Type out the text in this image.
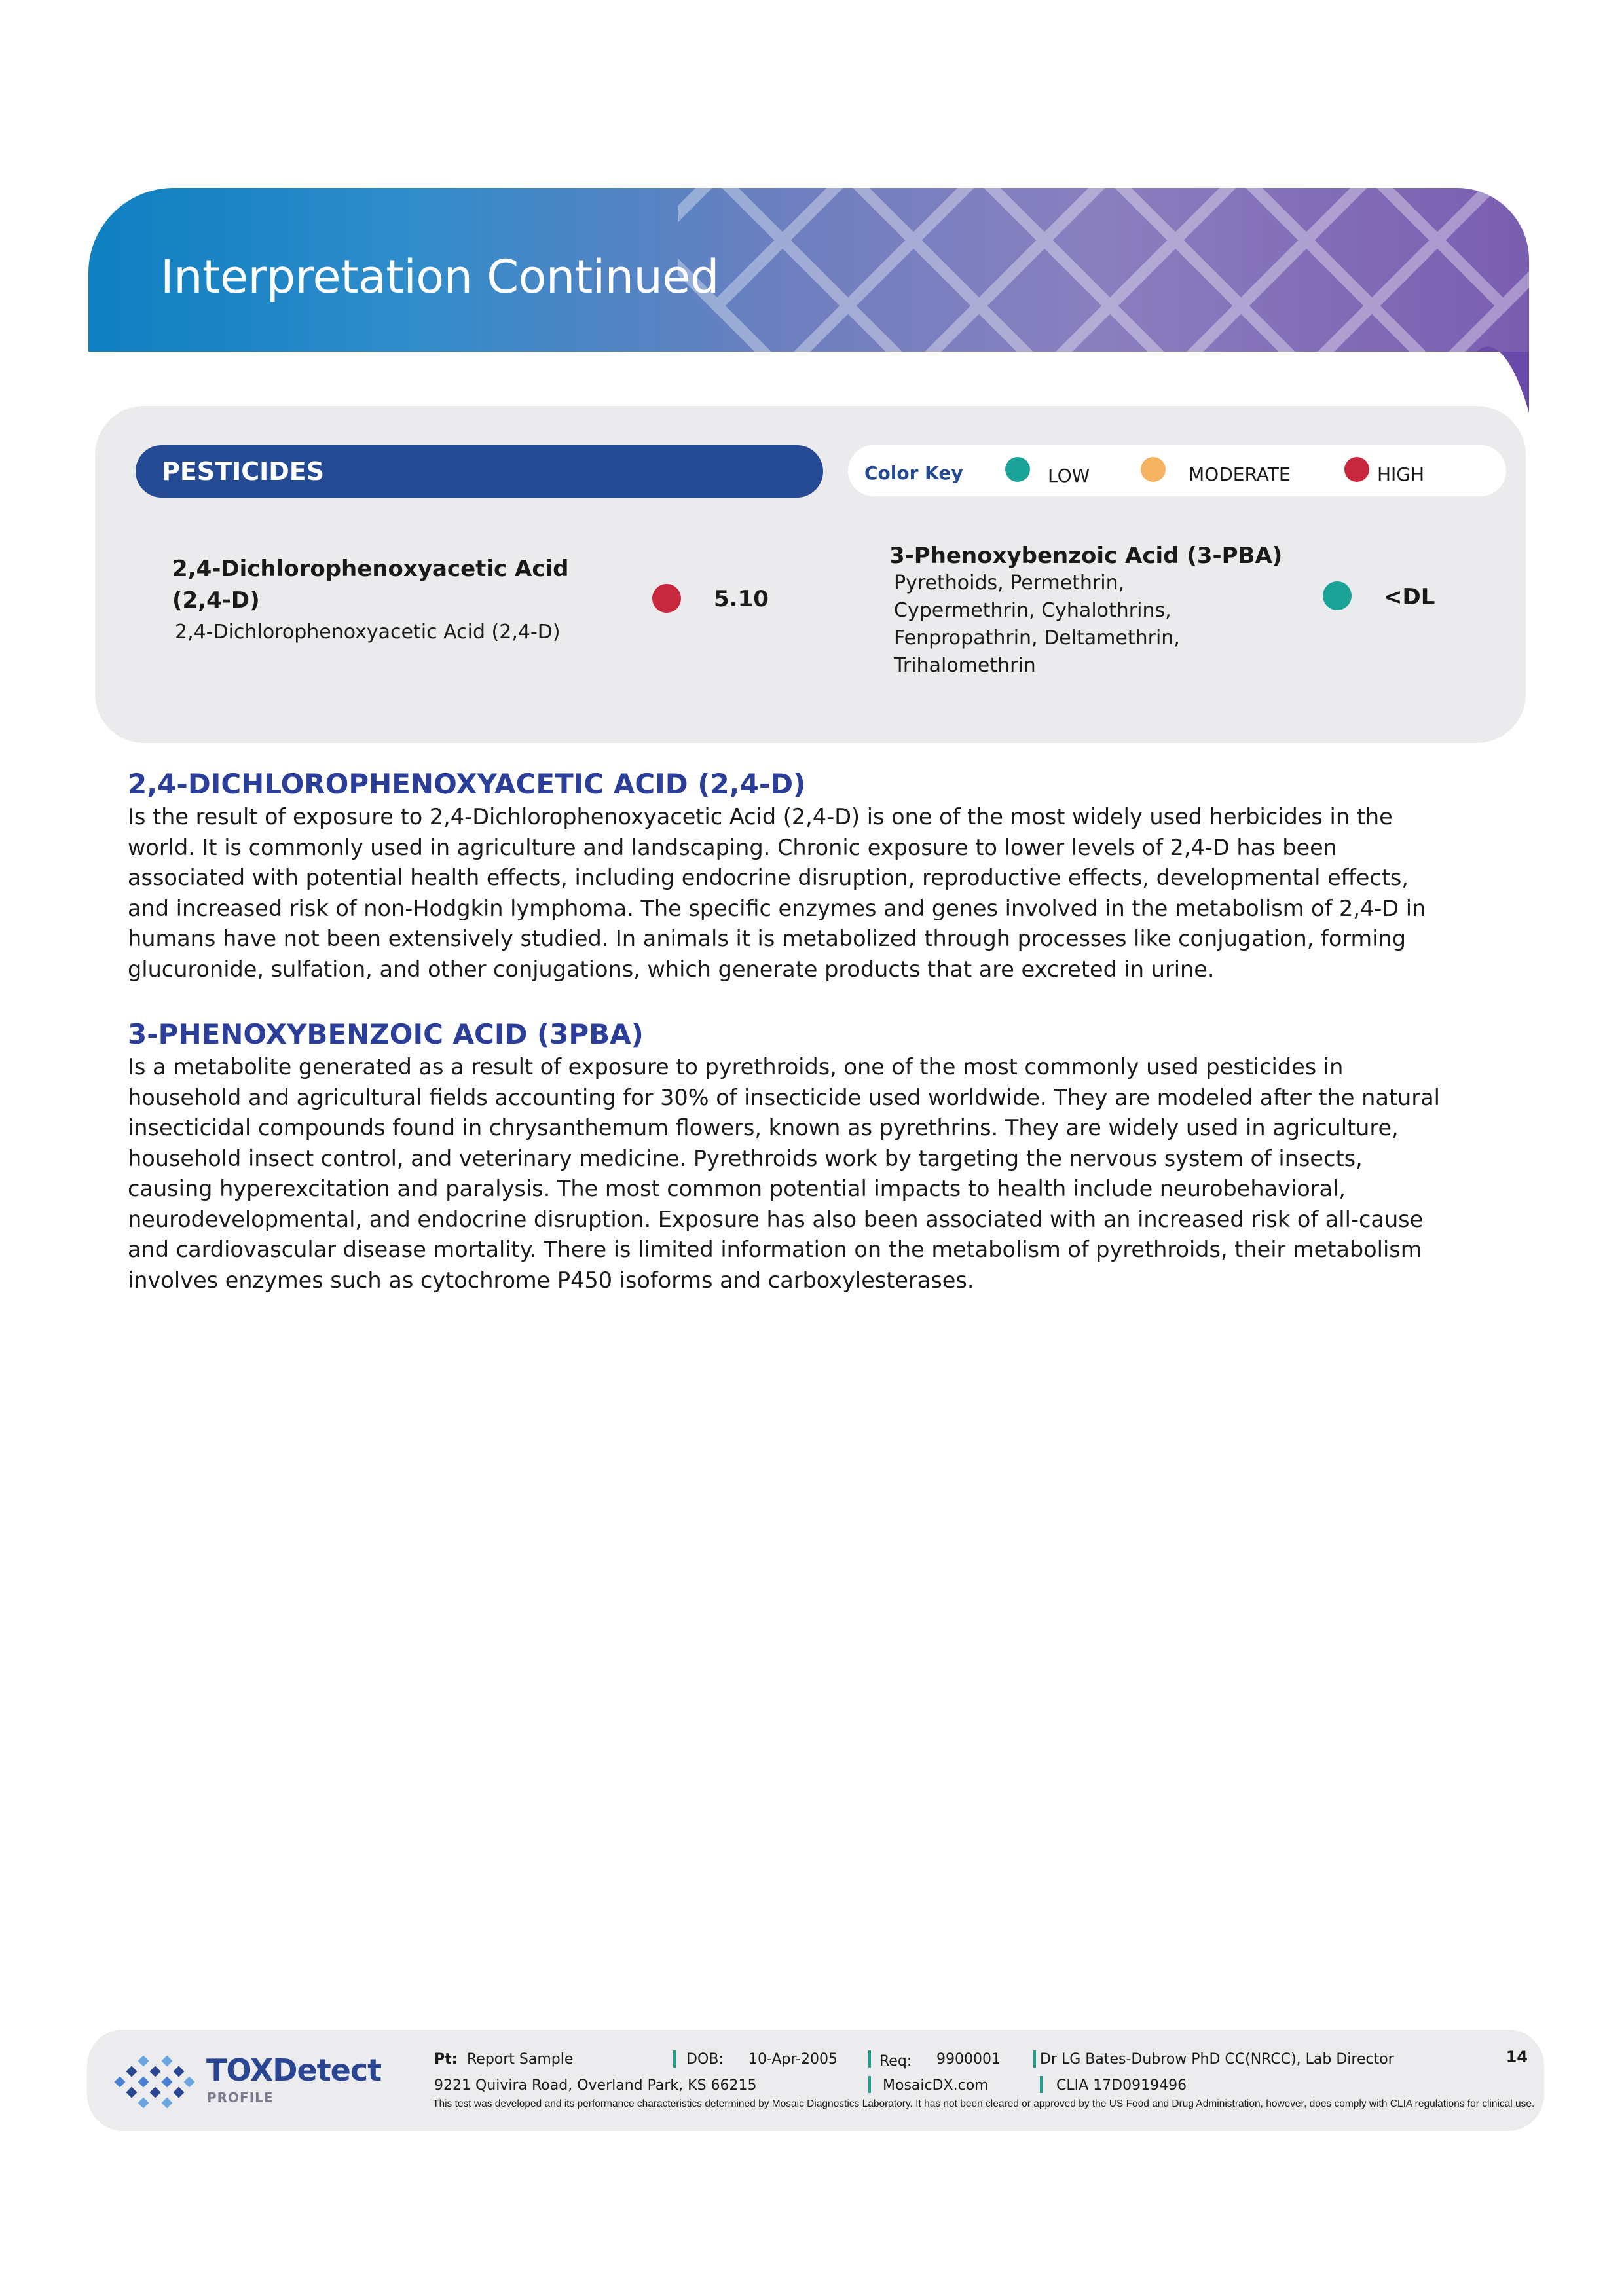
Interpretation Continued
PESTICIDES	Color Key	LOW	MODERATE	HIGH
2,4-Dichlorophenoxyacetic Acid
(2,4-D)
2,4-Dichlorophenoxyacetic Acid (2,4-D)
5.10
3-Phenoxybenzoic Acid (3-PBA)
Pyrethoids, Permethrin,
Cypermethrin, Cyhalothrins,
Fenpropathrin, Deltamethrin,
Trihalomethrin
<DL
2,4-DICHLOROPHENOXYACETIC ACID (2,4-D)
Is the result of exposure to 2,4-Dichlorophenoxyacetic Acid (2,4-D) is one of the most widely used herbicides in the
world. It is commonly used in agriculture and landscaping. Chronic exposure to lower levels of 2,4-D has been
associated with potential health effects, including endocrine disruption, reproductive effects, developmental effects,
and increased risk of non-Hodgkin lymphoma. The specific enzymes and genes involved in the metabolism of 2,4-D in
humans have not been extensively studied. In animals it is metabolized through processes like conjugation, forming
glucuronide, sulfation, and other conjugations, which generate products that are excreted in urine.
3-PHENOXYBENZOIC ACID (3PBA)
Is a metabolite generated as a result of exposure to pyrethroids, one of the most commonly used pesticides in
household and agricultural fields accounting for 30% of insecticide used worldwide. They are modeled after the natural
insecticidal compounds found in chrysanthemum flowers, known as pyrethrins. They are widely used in agriculture,
household insect control, and veterinary medicine. Pyrethroids work by targeting the nervous system of insects,
causing hyperexcitation and paralysis. The most common potential impacts to health include neurobehavioral,
neurodevelopmental, and endocrine disruption. Exposure has also been associated with an increased risk of all-cause
and cardiovascular disease mortality. There is limited information on the metabolism of pyrethroids, their metabolism
involves enzymes such as cytochrome P450 isoforms and carboxylesterases.
TOXDetect
PROFILE
Pt: Report Sample	DOB: 10-Apr-2005	Req: 9900001	Dr LG Bates-Dubrow PhD CC(NRCC), Lab Director	14
9221 Quivira Road, Overland Park, KS 66215	MosaicDX.com	CLIA 17D0919496
This test was developed and its performance characteristics determined by Mosaic Diagnostics Laboratory. It has not been cleared or approved by the US Food and Drug Administration, however, does comply with CLIA regulations for clinical use.
